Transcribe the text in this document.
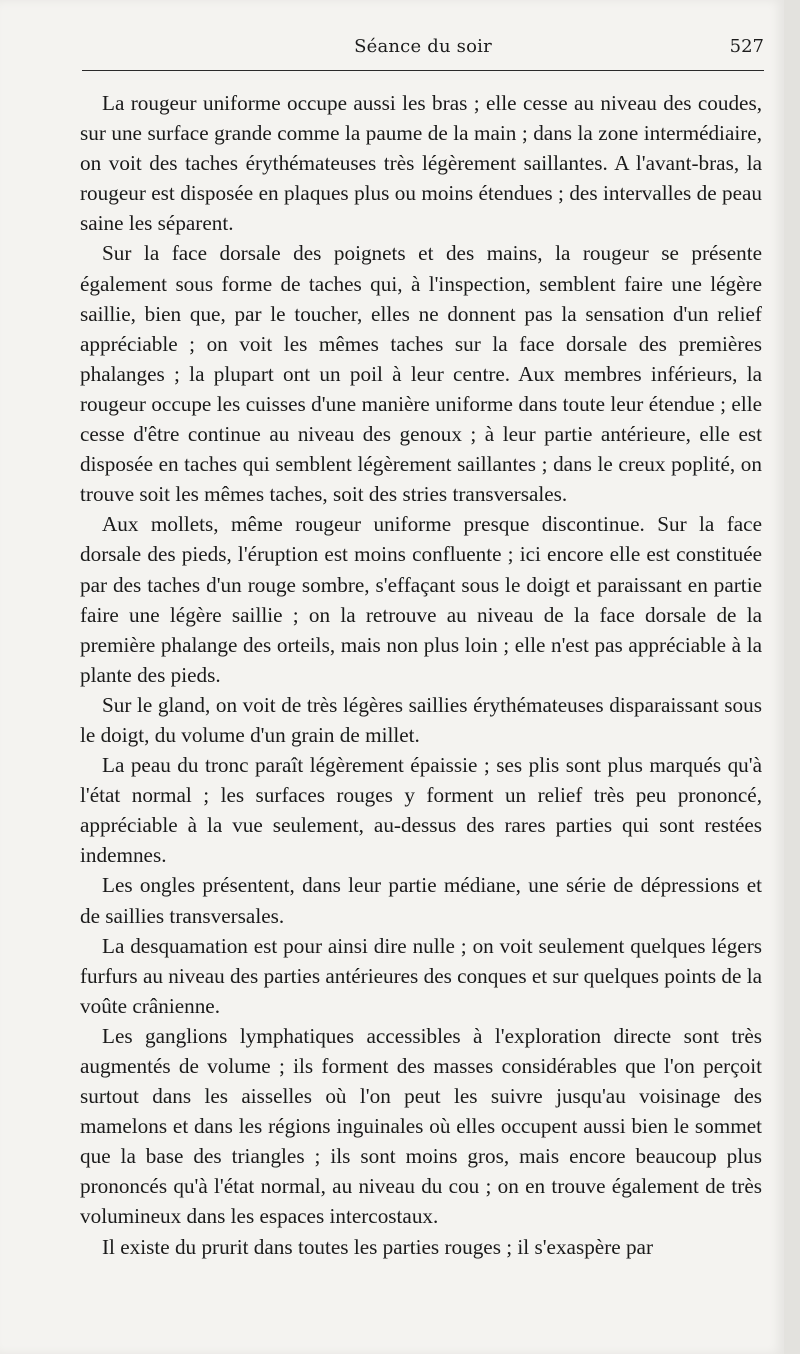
Séance du soir	527

La rougeur uniforme occupe aussi les bras ; elle cesse au niveau des coudes, sur une surface grande comme la paume de la main ; dans la zone intermédiaire, on voit des taches érythémateuses très légèrement saillantes. A l'avant-bras, la rougeur est disposée en plaques plus ou moins étendues ; des intervalles de peau saine les séparent.

Sur la face dorsale des poignets et des mains, la rougeur se présente également sous forme de taches qui, à l'inspection, semblent faire une légère saillie, bien que, par le toucher, elles ne donnent pas la sensation d'un relief appréciable ; on voit les mêmes taches sur la face dorsale des premières phalanges ; la plupart ont un poil à leur centre. Aux membres inférieurs, la rougeur occupe les cuisses d'une manière uniforme dans toute leur étendue ; elle cesse d'être continue au niveau des genoux ; à leur partie antérieure, elle est disposée en taches qui semblent légèrement saillantes ; dans le creux poplité, on trouve soit les mêmes taches, soit des stries transversales.

Aux mollets, même rougeur uniforme presque discontinue. Sur la face dorsale des pieds, l'éruption est moins confluente ; ici encore elle est constituée par des taches d'un rouge sombre, s'effaçant sous le doigt et paraissant en partie faire une légère saillie ; on la retrouve au niveau de la face dorsale de la première phalange des orteils, mais non plus loin ; elle n'est pas appréciable à la plante des pieds.

Sur le gland, on voit de très légères saillies érythémateuses disparaissant sous le doigt, du volume d'un grain de millet.

La peau du tronc paraît légèrement épaissie ; ses plis sont plus marqués qu'à l'état normal ; les surfaces rouges y forment un relief très peu prononcé, appréciable à la vue seulement, au-dessus des rares parties qui sont restées indemnes.

Les ongles présentent, dans leur partie médiane, une série de dépressions et de saillies transversales.

La desquamation est pour ainsi dire nulle ; on voit seulement quelques légers furfurs au niveau des parties antérieures des conques et sur quelques points de la voûte crânienne.

Les ganglions lymphatiques accessibles à l'exploration directe sont très augmentés de volume ; ils forment des masses considérables que l'on perçoit surtout dans les aisselles où l'on peut les suivre jusqu'au voisinage des mamelons et dans les régions inguinales où elles occupent aussi bien le sommet que la base des triangles ; ils sont moins gros, mais encore beaucoup plus prononcés qu'à l'état normal, au niveau du cou ; on en trouve également de très volumineux dans les espaces intercostaux.

Il existe du prurit dans toutes les parties rouges ; il s'exaspère par
